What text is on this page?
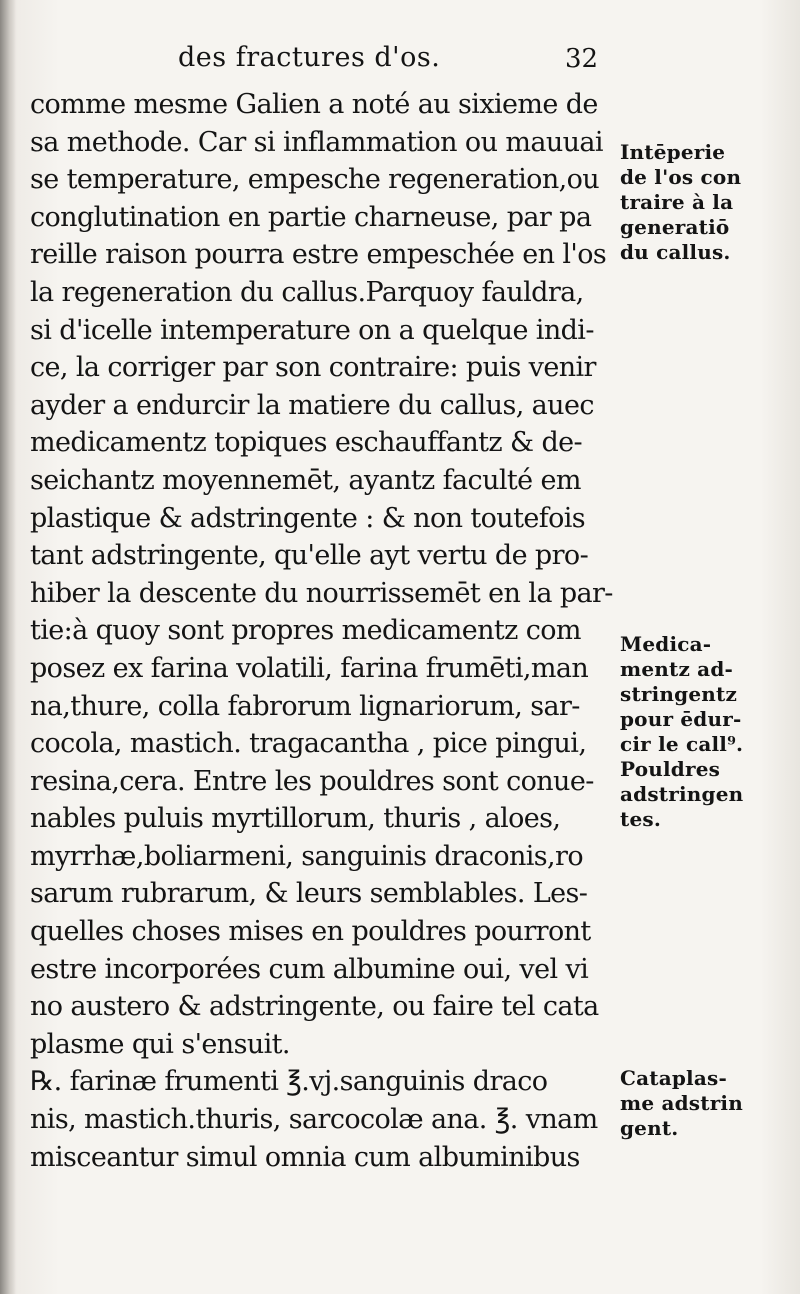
des fractures d'os.	32
comme mesme Galien a noté au sixieme de
sa methode. Car si inflammation ou mauuai
se temperature, empesche regeneration,ou
conglutination en partie charneuse, par pa
reille raison pourra estre empeschée en l'os
la regeneration du callus.Parquoy fauldra,
si d'icelle intemperature on a quelque indi-
ce, la corriger par son contraire: puis venir
ayder a endurcir la matiere du callus, auec
medicamentz topiques eschauffantz & de-
seichantz moyennemēt, ayantz faculté em
plastique & adstringente : & non toutefois
tant adstringente, qu'elle ayt vertu de pro-
hiber la descente du nourrissemēt en la par-
tie:à quoy sont propres medicamentz com
posez ex farina volatili, farina frumēti,man
na,thure, colla fabrorum lignariorum, sar-
cocola, mastich. tragacantha , pice pingui,
resina,cera. Entre les pouldres sont conue-
nables puluis myrtillorum, thuris , aloes,
myrrhæ,boliarmeni, sanguinis draconis,ro
sarum rubrarum, & leurs semblables. Les-
quelles choses mises en pouldres pourront
estre incorporées cum albumine oui, vel vi
no austero & adstringente, ou faire tel cata
plasme qui s'ensuit.
℞. farinæ frumenti ℥.vj.sanguinis draco
nis, mastich.thuris, sarcocolæ ana. ℥. vnam
misceantur simul omnia cum albuminibus
Intēperie
de l'os con
traire à la
generatiō
du callus.
Medica-
mentz ad-
stringentz
pour ēdur-
cir le call⁹.
Pouldres
adstringen
tes.
Cataplas-
me adstrin
gent.
